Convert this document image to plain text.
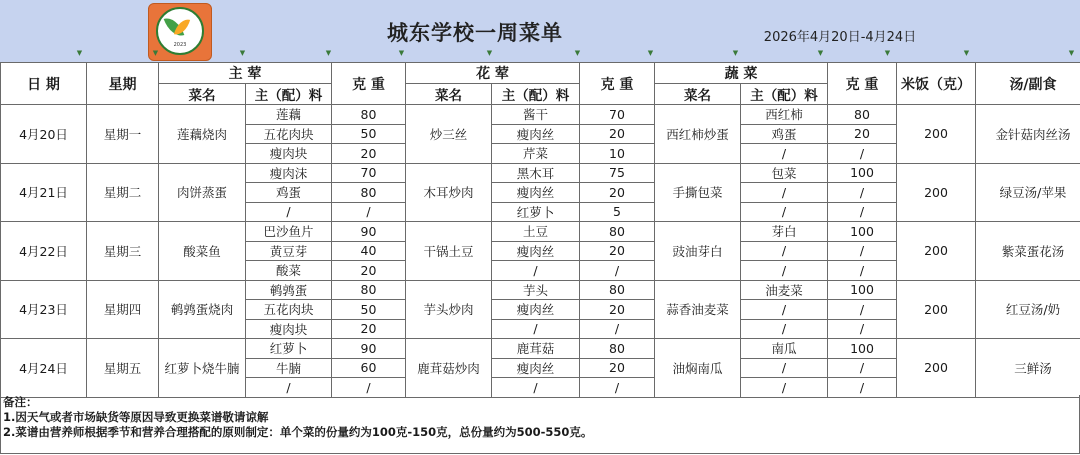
2023	城东学校一周菜单	2026年4月20日-4月24日
▼	▼	▼	▼	▼	▼	▼	▼	▼	▼	▼	▼	▼
日 期	星期	主 荤		克 重	花 荤		克 重	蔬 菜		克 重	米饭（克）	汤/副食
		菜名	主（配）料		菜名	主（配）料		菜名	主（配）料			
4月20日	星期一	莲藕烧肉	莲藕	80	炒三丝	酱干	70	西红柿炒蛋	西红柿	80	200	金针菇肉丝汤
			五花肉块	50		瘦肉丝	20		鸡蛋	20		
			瘦肉块	20		芹菜	10		/	/		
4月21日	星期二	肉饼蒸蛋	瘦肉沫	70	木耳炒肉	黑木耳	75	手撕包菜	包菜	100	200	绿豆汤/苹果
			鸡蛋	80		瘦肉丝	20		/	/		
			/	/		红萝卜	5		/	/		
4月22日	星期三	酸菜鱼	巴沙鱼片	90	干锅土豆	土豆	80	豉油芽白	芽白	100	200	紫菜蛋花汤
			黄豆芽	40		瘦肉丝	20		/	/		
			酸菜	20		/	/		/	/		
4月23日	星期四	鹌鹑蛋烧肉	鹌鹑蛋	80	芋头炒肉	芋头	80	蒜香油麦菜	油麦菜	100	200	红豆汤/奶
			五花肉块	50		瘦肉丝	20		/	/		
			瘦肉块	20		/	/		/	/		
4月24日	星期五	红萝卜烧牛腩	红萝卜	90	鹿茸菇炒肉	鹿茸菇	80	油焖南瓜	南瓜	100	200	三鲜汤
			牛腩	60		瘦肉丝	20		/	/		
			/	/		/	/		/	/		
备注：
1.因天气或者市场缺货等原因导致更换菜谱敬请谅解
2.菜谱由营养师根据季节和营养合理搭配的原则制定：单个菜的份量约为100克-150克，总份量约为500-550克。
